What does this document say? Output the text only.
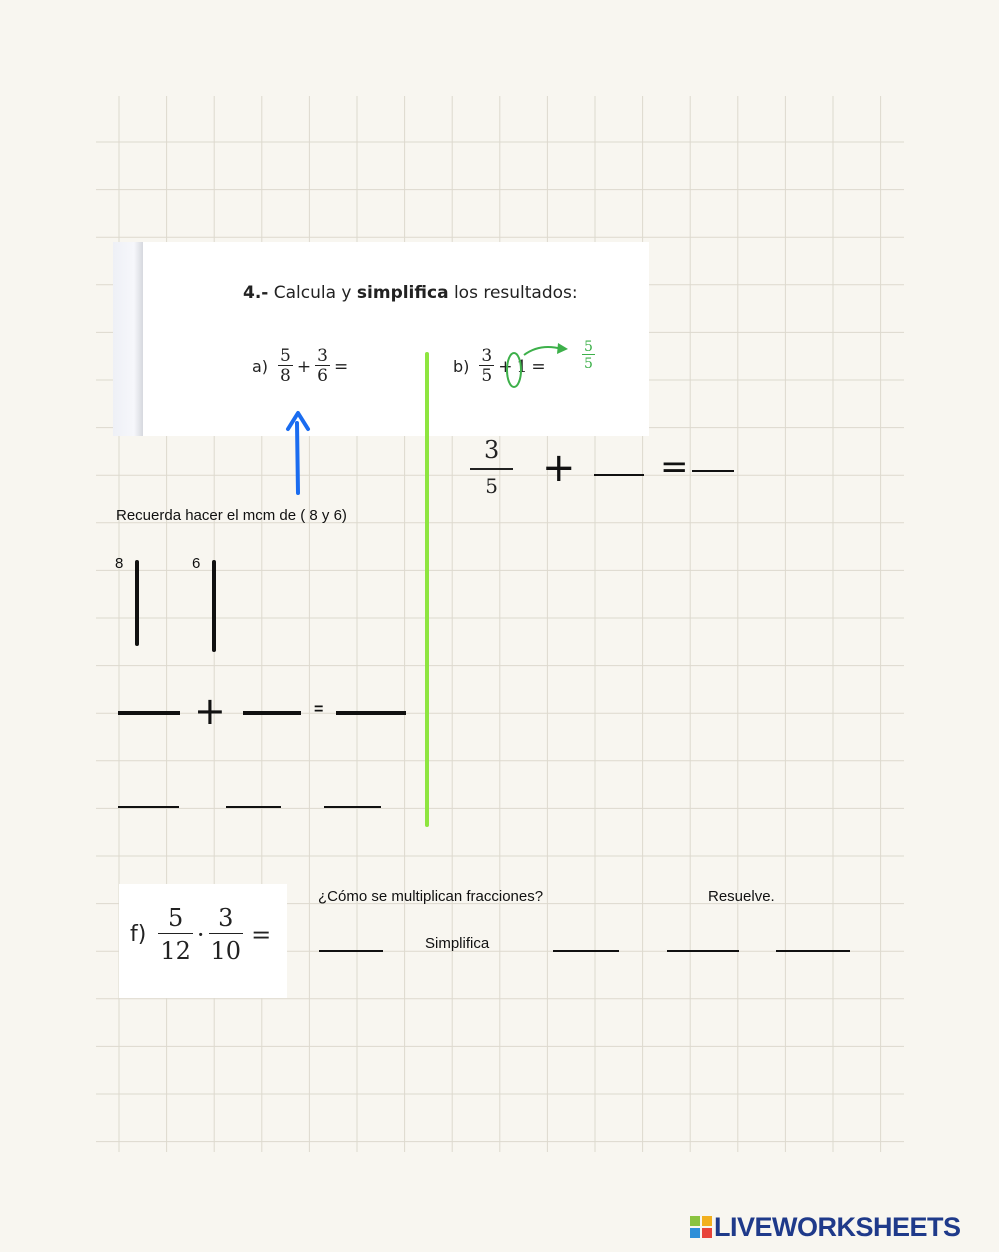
4.- Calcula y simplifica los resultados:
$a) \frac{5}{8} + \frac{3}{6}$ =	$b) \frac{3}{5} + 1$ =	$\frac{5}{5}$
$\frac{3}{5}$ + =
Recuerda hacer el mcm de ( 8 y 6)
8	6
+	=
$f) \frac{5}{12} \cdot \frac{3}{10}$ =
¿Cómo se multiplican fracciones?	Resuelve.
Simplifica
LIVEWORKSHEETS
